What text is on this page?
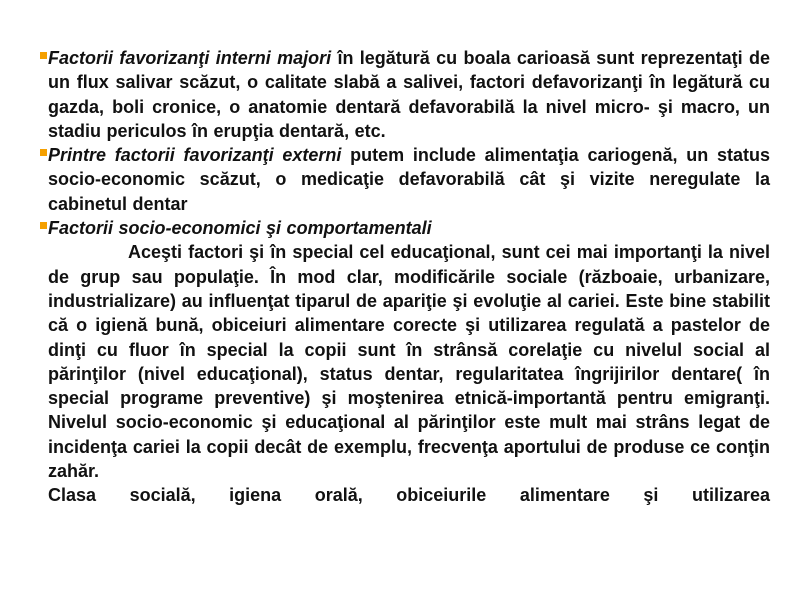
Factorii favorizanţi interni majori în legătură cu boala carioasă sunt reprezentaţi de un flux salivar scăzut, o calitate slabă a salivei, factori defavorizanţi în legătură cu gazda, boli cronice, o anatomie dentară defavorabilă la nivel micro- şi macro, un stadiu periculos în erupţia dentară, etc.

Printre factorii favorizanţi externi putem include alimentaţia cariogenă, un status socio-economic scăzut, o medicaţie defavorabilă cât şi vizite neregulate la cabinetul dentar

Factorii socio-economici şi comportamentali

Aceşti factori şi în special cel educaţional, sunt cei mai importanţi la nivel de grup sau populaţie. În mod clar, modificările sociale (războaie, urbanizare, industrializare) au influenţat tiparul de apariţie şi evoluţie al cariei. Este bine stabilit că o igienă bună, obiceiuri alimentare corecte şi utilizarea regulată a pastelor de dinţi cu fluor în special la copii sunt în strânsă corelaţie cu nivelul social al părinţilor (nivel educaţional), status dentar, regularitatea îngrijirilor dentare( în special programe preventive) şi moştenirea etnică-importantă pentru emigranţi. Nivelul socio-economic şi educaţional al părinţilor este mult mai strâns legat de incidenţa cariei la copii decât de exemplu, frecvenţa aportului de produse ce conţin zahăr.

Clasa socială, igiena orală, obiceiurile alimentare şi utilizarea
